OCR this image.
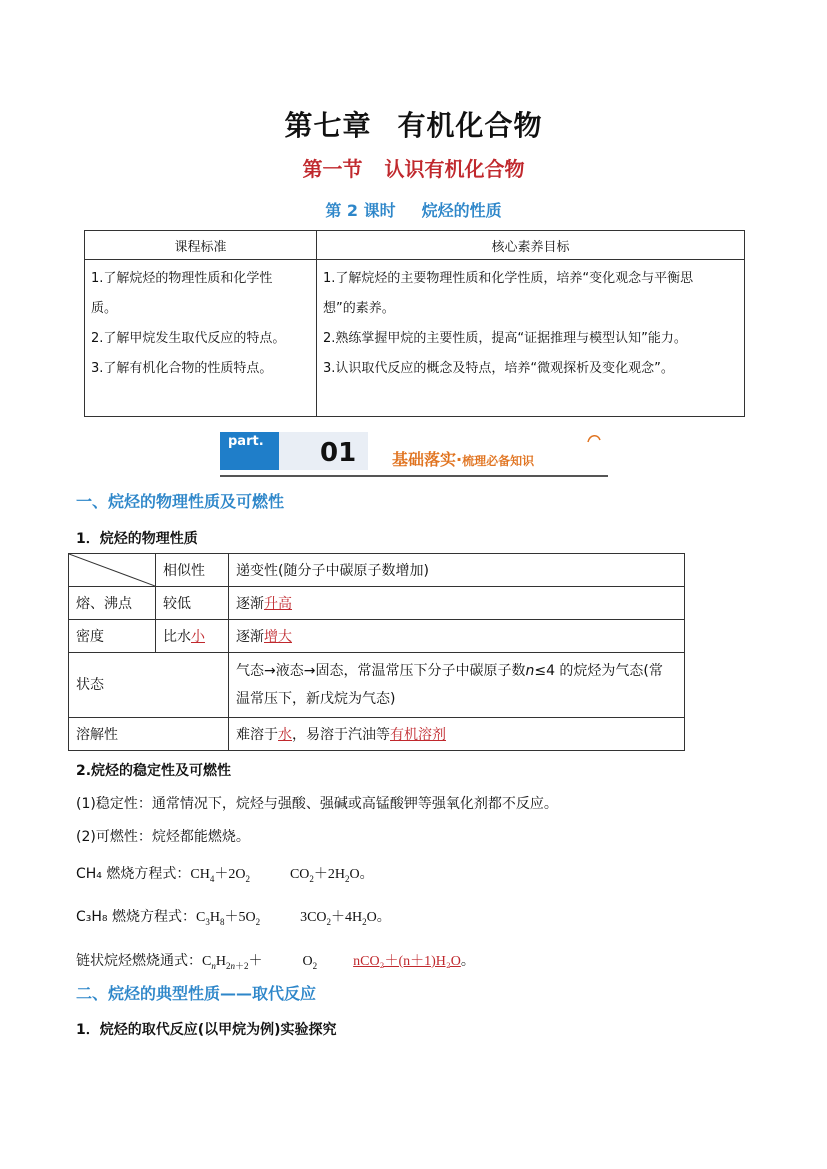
第七章 有机化合物
第一节 认识有机化合物
第 2 课时 烷烃的性质
课程标准	核心素养目标

1.了解烷烃的物理性质和化学性
质。
2.了解甲烷发生取代反应的特点。
3.了解有机化合物的性质特点。	1.了解烷烃的主要物理性质和化学性质，培养“变化观念与平衡思
想”的素养。
2.熟练掌握甲烷的主要性质，提高“证据推理与模型认知”能力。
3.认识取代反应的概念及特点，培养“微观探析及变化观念”。
part. 01 基础落实·梳理必备知识
一、烷烃的物理性质及可燃性
1．烷烃的物理性质
	相似性	递变性(随分子中碳原子数增加)
熔、沸点	较低	逐渐升高
密度	比水小	逐渐增大
状态		气态→液态→固态，常温常压下分子中碳原子数n≤4 的烷烃为气态(常
温常压下，新戊烷为气态)
溶解性		难溶于水，易溶于汽油等有机溶剂
2.烷烃的稳定性及可燃性
(1)稳定性：通常情况下，烷烃与强酸、强碱或高锰酸钾等强氧化剂都不反应。
(2)可燃性：烷烃都能燃烧。
CH₄ 燃烧方程式：$CH_4+2O_2$	$CO_2+2H_2O$。
C₃H₈ 燃烧方程式：$C_3H_8+5O_2$	$3CO_2+4H_2O$。
链状烷烃燃烧通式：$C_nH_{2n+2}+$	$O_2$	nCO₂＋(n＋1)H₂O。
二、烷烃的典型性质——取代反应
1．烷烃的取代反应(以甲烷为例)实验探究
